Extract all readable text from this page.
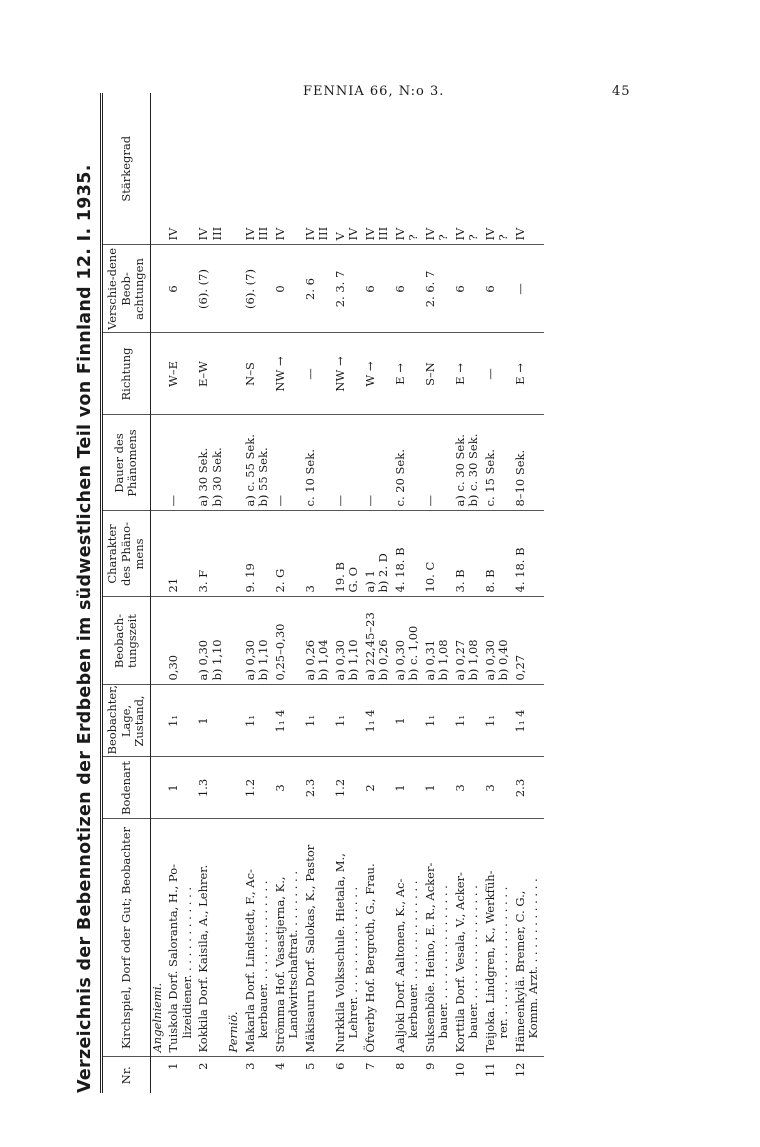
FENNIA 66, N:o 3.	45
Verzeichnis der Bebennotizen der Erdbeben im südwestlichen Teil von Finnland 12. I. 1935.	Nr.	Kirchspiel, Dorf oder Gut; Beobachter	Bodenart	Beobachter, Lage, Zustand,	Beobach-tungszeit	Charakter des Phäno-mens	Dauer des Phänomens	Richtung	Verschie-dene Beob-achtungen	Stärkegrad
	Angelniemi.								

1	Tuiskola Dorf. Saloranta, H., Po- lizeidiener. . . . . . . . . . . . .	1	1₁	0,30	21	—	W–E	6	IV

2	Kokkila Dorf. Kaisila, A., Lehrer.	1.3	1	a) 0,30 b) 1,10	3. F	a) 30 Sek. b) 30 Sek.	E–W	(6). (7)	IV III

	Perniö.								

3	Makarla Dorf. Lindstedt, F., Ac- kerbauer. . . . . . . . . . . . . . .	1.2	1₁	a) 0,30 b) 1,10	9. 19	a) c. 55 Sek. b) 55 Sek.	N–S	(6). (7)	IV III

4	Strömma Hof. Vasastjerna, K., Landwirtschaftrat. . . . . . . . .	3	1₁ 4	0,25–0,30	2. G	—	NW →	0	IV

5	Mäkisauru Dorf. Salokas, K., Pastor	2.3	1₁	a) 0,26 b) 1,04	3	c. 10 Sek.	—	2. 6	IV III

6	Nurkkila Volksschule. Hietala, M., Lehrer. . . . . . . . . . . . . . . .	1.2	1₁	a) 0,30 b) 1,10	19. B G. O	—	NW →	2. 3. 7	V IV

7	Öfverby Hof. Bergroth, G., Frau.	2	1₁ 4	a) 22,45–23 b) 0,26	a) 1 b) 2. D	—	W →	6	IV III

8	Aaljoki Dorf. Aaltonen, K., Ac- kerbauer. . . . . . . . . . . . . . .	1	1	a) 0,30 b) c. 1,00	4. 18. B	c. 20 Sek.	E →	6	IV ?

9	Suksenböle. Heino, E. R., Acker- bauer. . . . . . . . . . . . . . . . .	1	1₁	a) 0,31 b) 1,08	10. C	—	S–N	2. 6. 7	IV ?

10	Korttila Dorf. Vesala, V., Acker- bauer. . . . . . . . . . . . . . . . .	3	1₁	a) 0,27 b) 1,08	3. B	a) c. 30 Sek. b) c. 30 Sek.	E →	6	IV ?

11	Teijoka. Lindgren, K., Werkfüh- rer. . . . . . . . . . . . . . . . . . .	3	1₁	a) 0,30 b) 0,40	8. B	c. 15 Sek.	—	6	IV ?

12	Hämeenkylä. Bremer, C. G., Komm. Arzt. . . . . . . . . . . . .	2.3	1₁ 4	0,27	4. 18. B	8–10 Sek.	E →	—	IV
